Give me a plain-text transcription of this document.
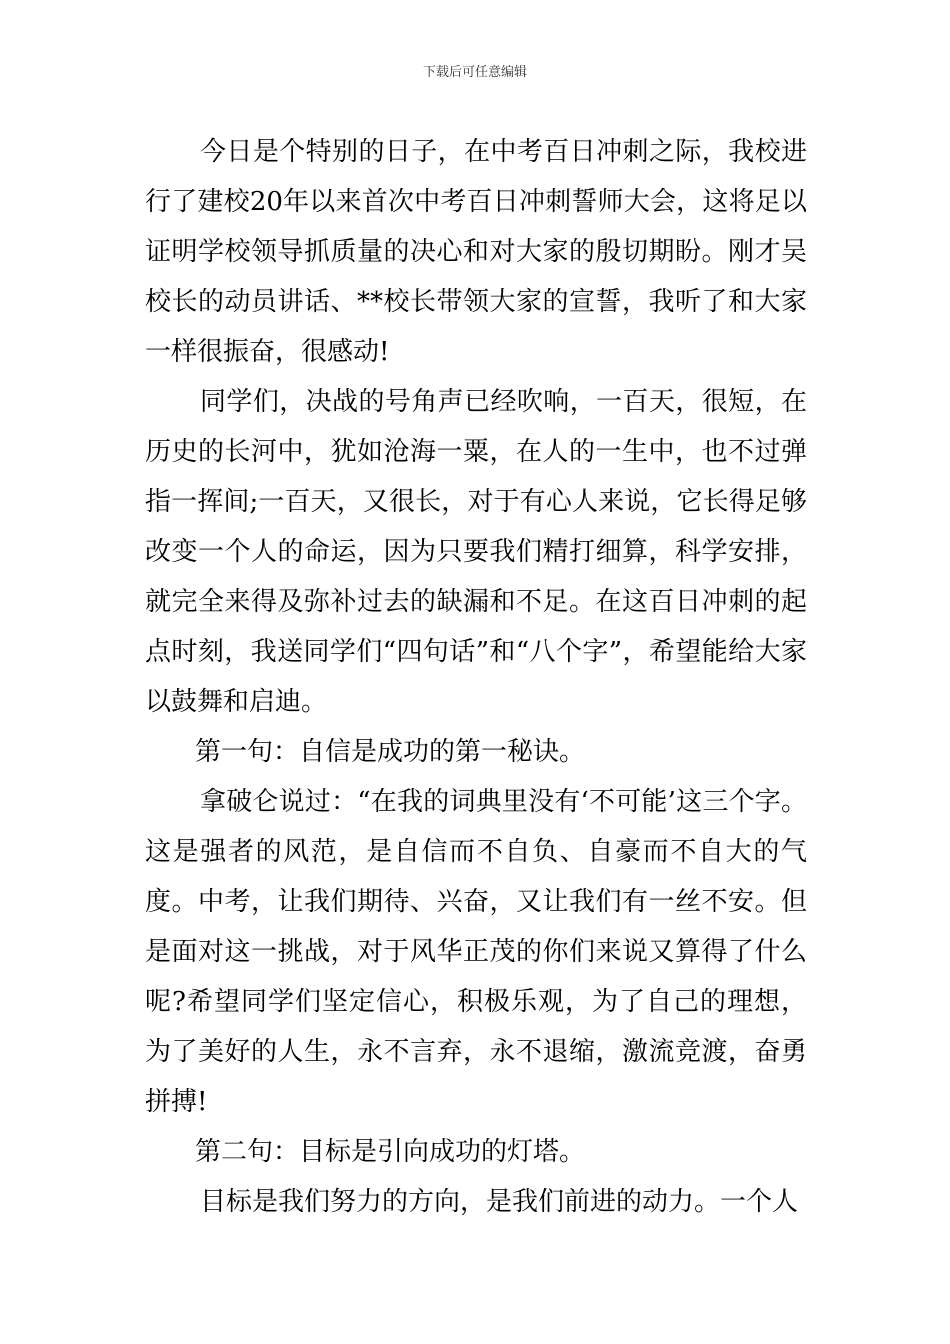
下载后可任意编辑

今日是个特别的日子，在中考百日冲刺之际，我校进行了建校20年以来首次中考百日冲刺誓师大会，这将足以证明学校领导抓质量的决心和对大家的殷切期盼。刚才吴校长的动员讲话、**校长带领大家的宣誓，我听了和大家一样很振奋，很感动!

同学们，决战的号角声已经吹响，一百天，很短，在历史的长河中，犹如沧海一粟，在人的一生中，也不过弹指一挥间;一百天，又很长，对于有心人来说，它长得足够改变一个人的命运，因为只要我们精打细算，科学安排，就完全来得及弥补过去的缺漏和不足。在这百日冲刺的起点时刻，我送同学们“四句话”和“八个字”，希望能给大家以鼓舞和启迪。

第一句：自信是成功的第一秘诀。

拿破仑说过：“在我的词典里没有‘不可能’这三个字。这是强者的风范，是自信而不自负、自豪而不自大的气度。中考，让我们期待、兴奋，又让我们有一丝不安。但是面对这一挑战，对于风华正茂的你们来说又算得了什么呢?希望同学们坚定信心，积极乐观，为了自己的理想，为了美好的人生，永不言弃，永不退缩，激流竞渡，奋勇拼搏!

第二句：目标是引向成功的灯塔。

目标是我们努力的方向，是我们前进的动力。一个人
